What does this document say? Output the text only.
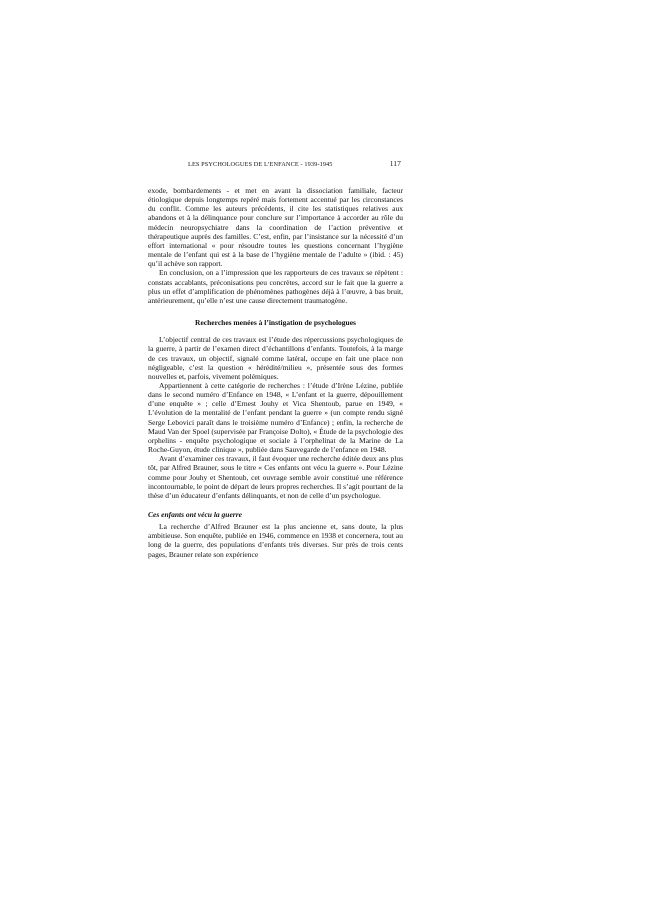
LES PSYCHOLOGUES DE L’ENFANCE - 1939-1945	117

exode, bombardements - et met en avant la dissociation familiale, facteur étiologique depuis longtemps repéré mais fortement accentué par les circonstances du conflit. Comme les auteurs précédents, il cite les statistiques relatives aux abandons et à la délinquance pour conclure sur l’importance à accorder au rôle du médecin neuropsychiatre dans la coordination de l’action préventive et thérapeutique auprès des familles. C’est, enfin, par l’insistance sur la nécessité d’un effort international « pour résoudre toutes les questions concernant l’hygiène mentale de l’enfant qui est à la base de l’hygiène mentale de l’adulte » (ibid. : 45) qu’il achève son rapport.

En conclusion, on a l’impression que les rapporteurs de ces travaux se répètent : constats accablants, préconisations peu concrètes, accord sur le fait que la guerre a plus un effet d’amplification de phénomènes pathogènes déjà à l’œuvre, à bas bruit, antérieurement, qu’elle n’est une cause directement traumatogène.

Recherches menées à l’instigation de psychologues

L’objectif central de ces travaux est l’étude des répercussions psychologiques de la guerre, à partir de l’examen direct d’échantillons d’enfants. Toutefois, à la marge de ces travaux, un objectif, signalé comme latéral, occupe en fait une place non négligeable, c’est la question « hérédité/milieu », présentée sous des formes nouvelles et, parfois, vivement polémiques.

Appartiennent à cette catégorie de recherches : l’étude d’Irène Lézine, publiée dans le second numéro d’Enfance en 1948, « L’enfant et la guerre, dépouillement d’une enquête » ; celle d’Ernest Jouhy et Vica Shentoub, parue en 1949, « L’évolution de la mentalité de l’enfant pendant la guerre » (un compte rendu signé Serge Lebovici paraît dans le troisième numéro d’Enfance) ; enfin, la recherche de Maud Van der Spoel (supervisée par Françoise Dolto), « Étude de la psychologie des orphelins - enquête psychologique et sociale à l’orphelinat de la Marine de La Roche-Guyon, étude clinique », publiée dans Sauvegarde de l’enfance en 1948.

Avant d’examiner ces travaux, il faut évoquer une recherche éditée deux ans plus tôt, par Alfred Brauner, sous le titre « Ces enfants ont vécu la guerre ». Pour Lézine comme pour Jouhy et Shentoub, cet ouvrage semble avoir constitué une référence incontournable, le point de départ de leurs propres recherches. Il s’agit pourtant de la thèse d’un éducateur d’enfants délinquants, et non de celle d’un psychologue.

Ces enfants ont vécu la guerre

La recherche d’Alfred Brauner est la plus ancienne et, sans doute, la plus ambitieuse. Son enquête, publiée en 1946, commence en 1938 et concernera, tout au long de la guerre, des populations d’enfants très diverses. Sur près de trois cents pages, Brauner relate son expérience
